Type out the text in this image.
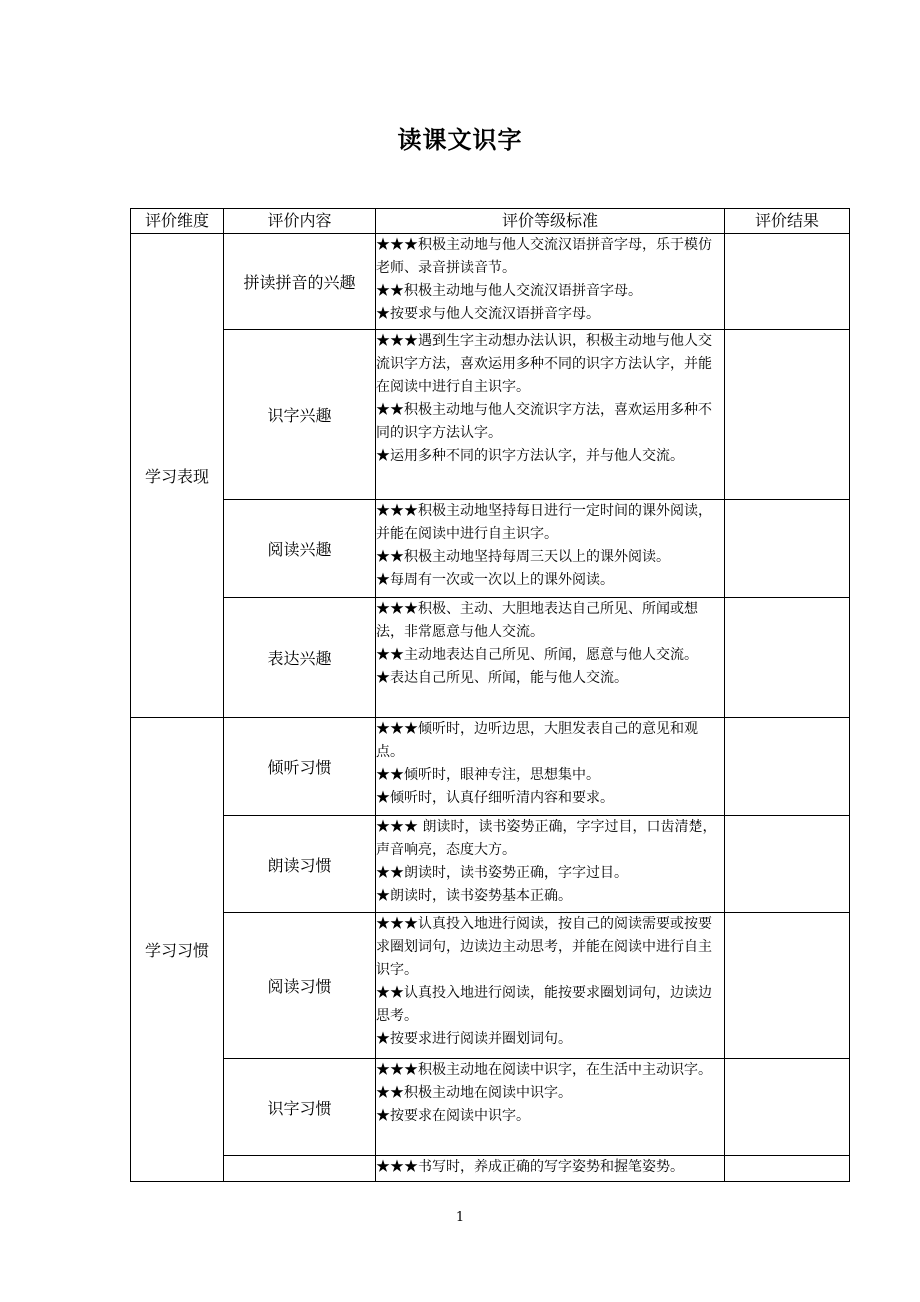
读课文识字
评价维度	评价内容	评价等级标准	评价结果
学习表现	拼读拼音的兴趣	★★★积极主动地与他人交流汉语拼音字母，乐于模仿老师、录音拼读音节。
★★积极主动地与他人交流汉语拼音字母。
★按要求与他人交流汉语拼音字母。	

	识字兴趣	★★★遇到生字主动想办法认识，积极主动地与他人交流识字方法，喜欢运用多种不同的识字方法认字，并能在阅读中进行自主识字。
★★积极主动地与他人交流识字方法，喜欢运用多种不同的识字方法认字。
★运用多种不同的识字方法认字，并与他人交流。	

	阅读兴趣	★★★积极主动地坚持每日进行一定时间的课外阅读，并能在阅读中进行自主识字。
★★积极主动地坚持每周三天以上的课外阅读。
★每周有一次或一次以上的课外阅读。	

	表达兴趣	★★★积极、主动、大胆地表达自己所见、所闻或想法，非常愿意与他人交流。
★★主动地表达自己所见、所闻，愿意与他人交流。
★表达自己所见、所闻，能与他人交流。	

学习习惯	倾听习惯	★★★倾听时，边听边思，大胆发表自己的意见和观点。
★★倾听时，眼神专注，思想集中。
★倾听时，认真仔细听清内容和要求。	

	朗读习惯	★★★ 朗读时，读书姿势正确，字字过目，口齿清楚，声音响亮，态度大方。
★★朗读时，读书姿势正确，字字过目。
★朗读时，读书姿势基本正确。	

	阅读习惯	★★★认真投入地进行阅读，按自己的阅读需要或按要求圈划词句，边读边主动思考，并能在阅读中进行自主识字。
★★认真投入地进行阅读，能按要求圈划词句，边读边思考。
★按要求进行阅读并圈划词句。	

	识字习惯	★★★积极主动地在阅读中识字，在生活中主动识字。
★★积极主动地在阅读中识字。
★按要求在阅读中识字。	

		★★★书写时，养成正确的写字姿势和握笔姿势。	

1
